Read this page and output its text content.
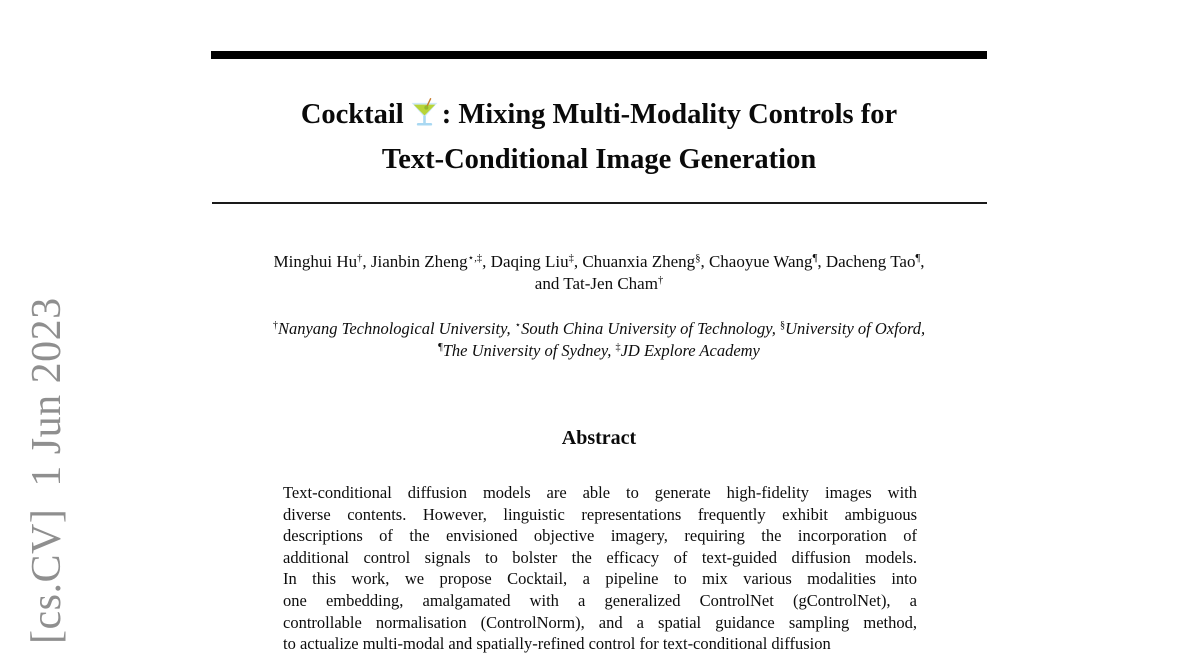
[cs.CV]  1 Jun 2023
Cocktail : Mixing Multi-Modality Controls for
Text-Conditional Image Generation
Minghui Hu†, Jianbin Zheng⋆,‡, Daqing Liu‡, Chuanxia Zheng§, Chaoyue Wang¶, Dacheng Tao¶,
and Tat-Jen Cham†
†Nanyang Technological University, ⋆South China University of Technology, §University of Oxford,
¶The University of Sydney, ‡JD Explore Academy
Abstract
Text-conditional diffusion models are able to generate high-fidelity images with
diverse contents. However, linguistic representations frequently exhibit ambiguous
descriptions of the envisioned objective imagery, requiring the incorporation of
additional control signals to bolster the efficacy of text-guided diffusion models.
In this work, we propose Cocktail, a pipeline to mix various modalities into
one embedding, amalgamated with a generalized ControlNet (gControlNet), a
controllable normalisation (ControlNorm), and a spatial guidance sampling method,
to actualize multi-modal and spatially-refined control for text-conditional diffusion
